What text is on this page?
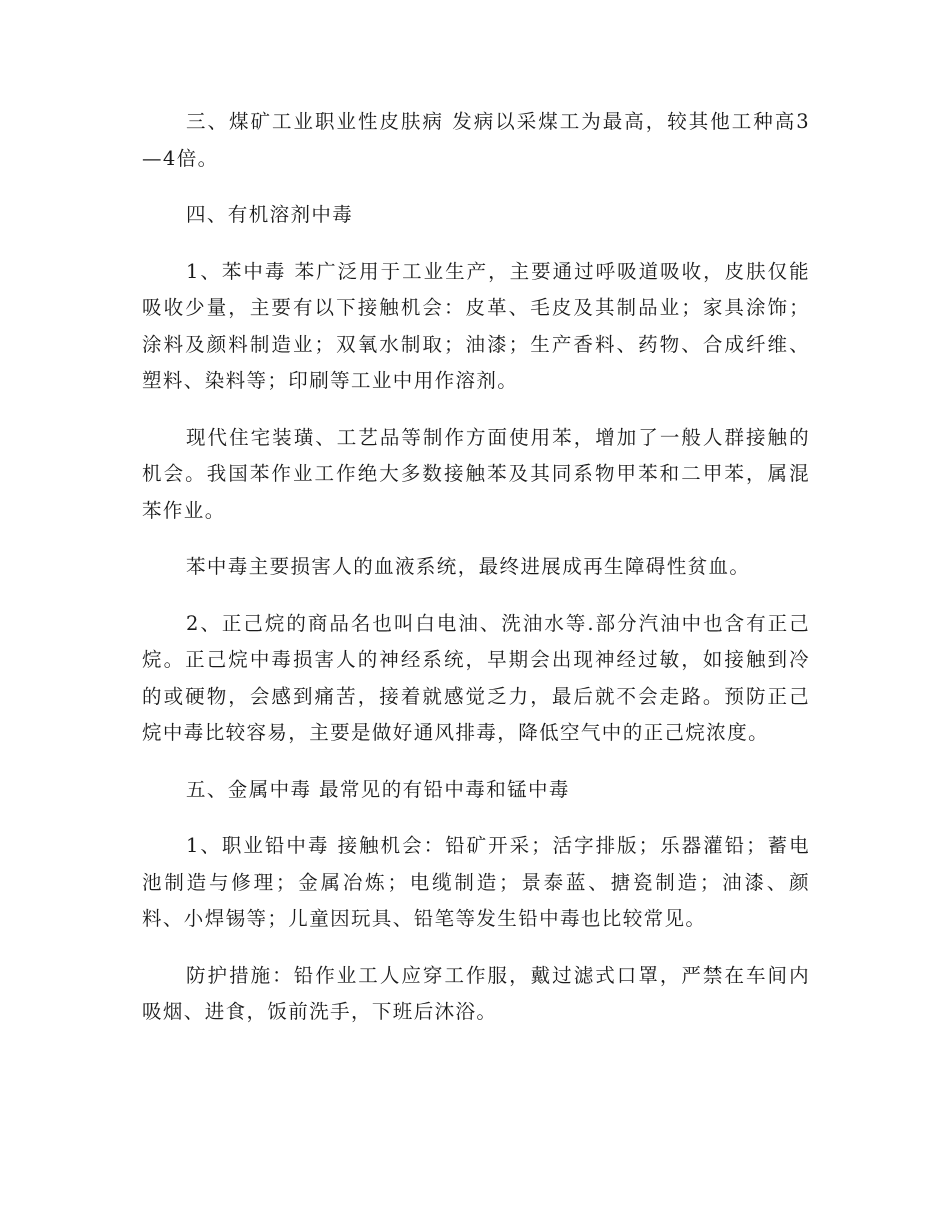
三、煤矿工业职业性皮肤病 发病以采煤工为最高，较其他工种高3—4倍。

四、有机溶剂中毒

1、苯中毒 苯广泛用于工业生产，主要通过呼吸道吸收，皮肤仅能吸收少量，主要有以下接触机会：皮革、毛皮及其制品业；家具涂饰；涂料及颜料制造业；双氧水制取；油漆；生产香料、药物、合成纤维、塑料、染料等；印刷等工业中用作溶剂。

现代住宅装璜、工艺品等制作方面使用苯，增加了一般人群接触的机会。我国苯作业工作绝大多数接触苯及其同系物甲苯和二甲苯，属混苯作业。

苯中毒主要损害人的血液系统，最终进展成再生障碍性贫血。

2、正己烷的商品名也叫白电油、洗油水等.部分汽油中也含有正己烷。正己烷中毒损害人的神经系统，早期会出现神经过敏，如接触到冷的或硬物，会感到痛苦，接着就感觉乏力，最后就不会走路。预防正己烷中毒比较容易，主要是做好通风排毒，降低空气中的正己烷浓度。

五、金属中毒 最常见的有铅中毒和锰中毒

1、职业铅中毒 接触机会：铅矿开采；活字排版；乐器灌铅；蓄电池制造与修理；金属冶炼；电缆制造；景泰蓝、搪瓷制造；油漆、颜料、小焊锡等；儿童因玩具、铅笔等发生铅中毒也比较常见。

防护措施：铅作业工人应穿工作服，戴过滤式口罩，严禁在车间内吸烟、进食，饭前洗手，下班后沐浴。
